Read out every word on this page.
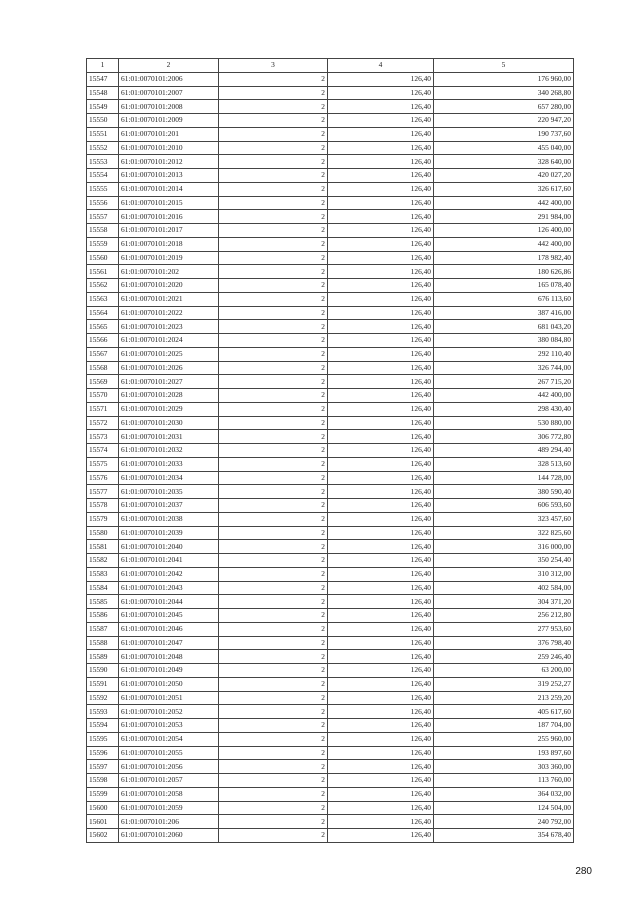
1	2	3	4	5
15547	61:01:0070101:2006	2	126,40	176 960,00
15548	61:01:0070101:2007	2	126,40	340 268,80
15549	61:01:0070101:2008	2	126,40	657 280,00
15550	61:01:0070101:2009	2	126,40	220 947,20
15551	61:01:0070101:201	2	126,40	190 737,60
15552	61:01:0070101:2010	2	126,40	455 040,00
15553	61:01:0070101:2012	2	126,40	328 640,00
15554	61:01:0070101:2013	2	126,40	420 027,20
15555	61:01:0070101:2014	2	126,40	326 617,60
15556	61:01:0070101:2015	2	126,40	442 400,00
15557	61:01:0070101:2016	2	126,40	291 984,00
15558	61:01:0070101:2017	2	126,40	126 400,00
15559	61:01:0070101:2018	2	126,40	442 400,00
15560	61:01:0070101:2019	2	126,40	178 982,40
15561	61:01:0070101:202	2	126,40	180 626,86
15562	61:01:0070101:2020	2	126,40	165 078,40
15563	61:01:0070101:2021	2	126,40	676 113,60
15564	61:01:0070101:2022	2	126,40	387 416,00
15565	61:01:0070101:2023	2	126,40	681 043,20
15566	61:01:0070101:2024	2	126,40	380 084,80
15567	61:01:0070101:2025	2	126,40	292 110,40
15568	61:01:0070101:2026	2	126,40	326 744,00
15569	61:01:0070101:2027	2	126,40	267 715,20
15570	61:01:0070101:2028	2	126,40	442 400,00
15571	61:01:0070101:2029	2	126,40	298 430,40
15572	61:01:0070101:2030	2	126,40	530 880,00
15573	61:01:0070101:2031	2	126,40	306 772,80
15574	61:01:0070101:2032	2	126,40	489 294,40
15575	61:01:0070101:2033	2	126,40	328 513,60
15576	61:01:0070101:2034	2	126,40	144 728,00
15577	61:01:0070101:2035	2	126,40	380 590,40
15578	61:01:0070101:2037	2	126,40	606 593,60
15579	61:01:0070101:2038	2	126,40	323 457,60
15580	61:01:0070101:2039	2	126,40	322 825,60
15581	61:01:0070101:2040	2	126,40	316 000,00
15582	61:01:0070101:2041	2	126,40	350 254,40
15583	61:01:0070101:2042	2	126,40	310 312,00
15584	61:01:0070101:2043	2	126,40	402 584,00
15585	61:01:0070101:2044	2	126,40	304 371,20
15586	61:01:0070101:2045	2	126,40	256 212,80
15587	61:01:0070101:2046	2	126,40	277 953,60
15588	61:01:0070101:2047	2	126,40	376 798,40
15589	61:01:0070101:2048	2	126,40	259 246,40
15590	61:01:0070101:2049	2	126,40	63 200,00
15591	61:01:0070101:2050	2	126,40	319 252,27
15592	61:01:0070101:2051	2	126,40	213 259,20
15593	61:01:0070101:2052	2	126,40	405 617,60
15594	61:01:0070101:2053	2	126,40	187 704,00
15595	61:01:0070101:2054	2	126,40	255 960,00
15596	61:01:0070101:2055	2	126,40	193 897,60
15597	61:01:0070101:2056	2	126,40	303 360,00
15598	61:01:0070101:2057	2	126,40	113 760,00
15599	61:01:0070101:2058	2	126,40	364 032,00
15600	61:01:0070101:2059	2	126,40	124 504,00
15601	61:01:0070101:206	2	126,40	240 792,00
15602	61:01:0070101:2060	2	126,40	354 678,40
280
